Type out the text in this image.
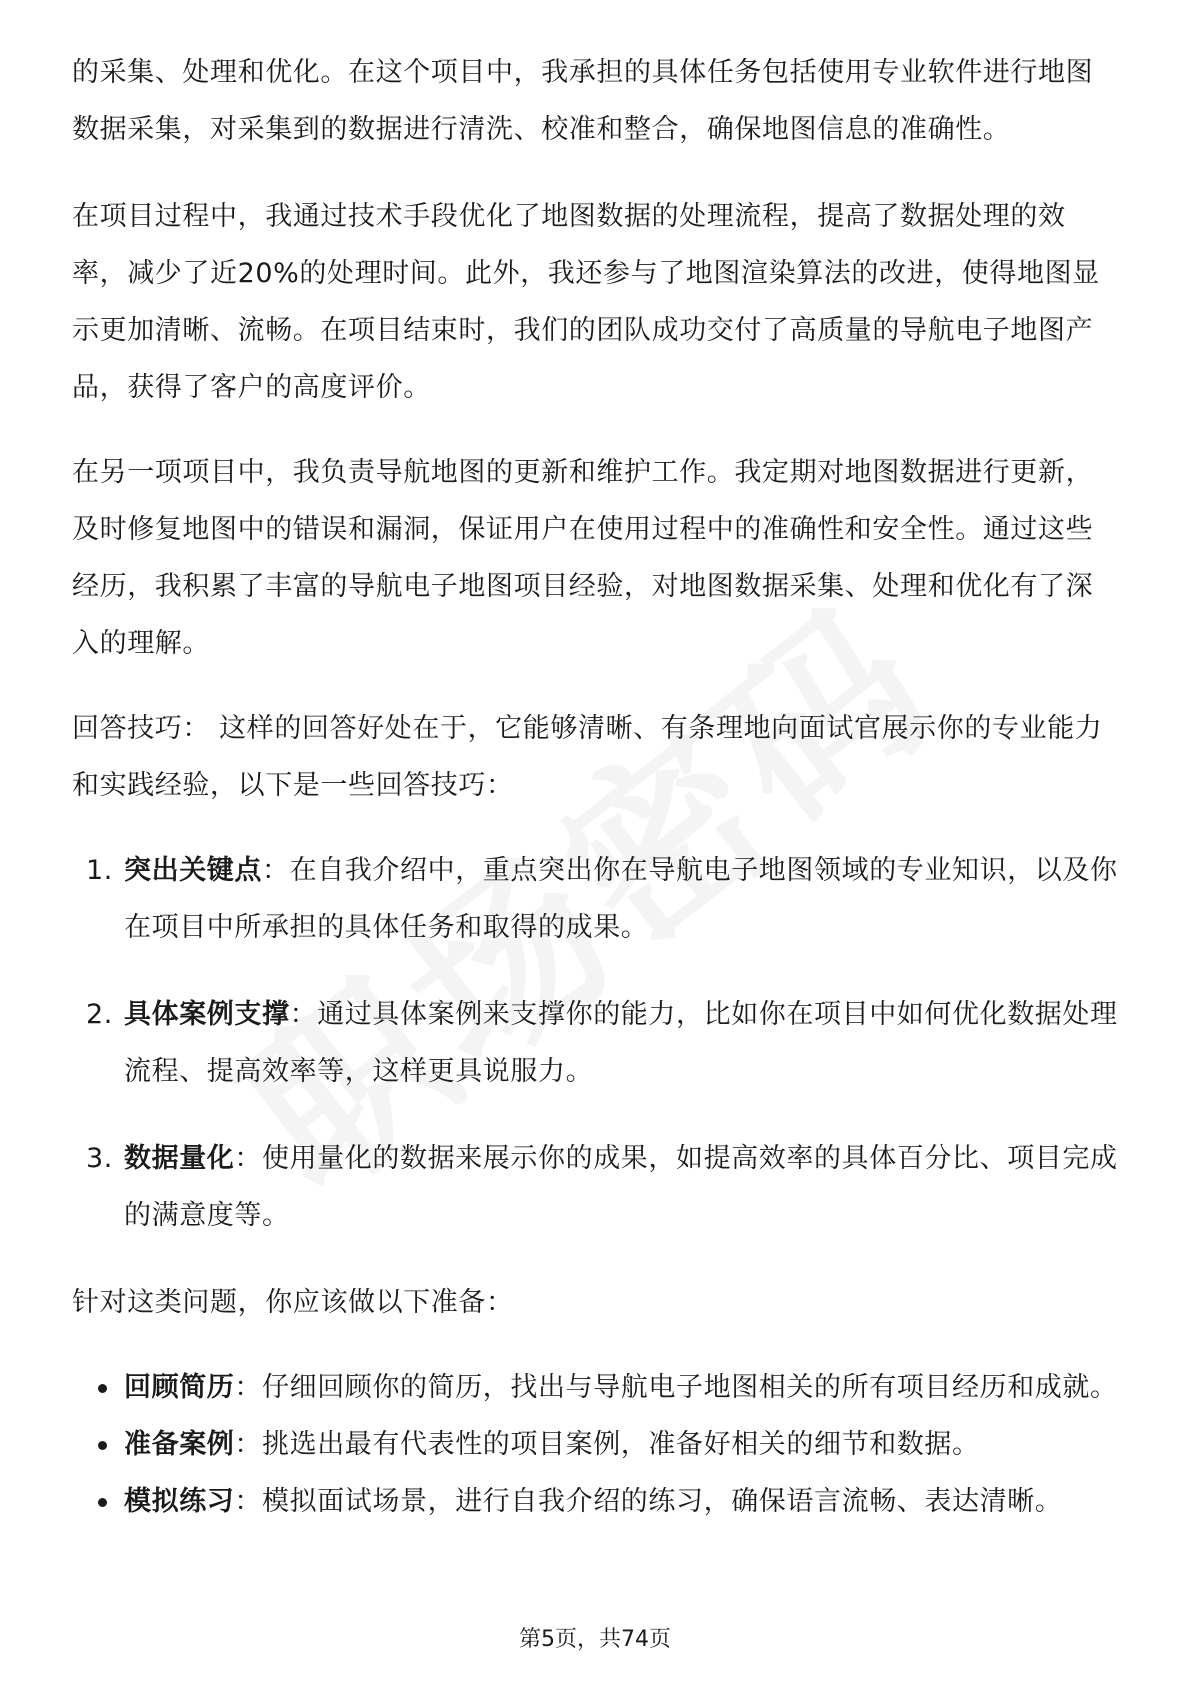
的采集、处理和优化。在这个项目中，我承担的具体任务包括使用专业软件进行地图数据采集，对采集到的数据进行清洗、校准和整合，确保地图信息的准确性。

在项目过程中，我通过技术手段优化了地图数据的处理流程，提高了数据处理的效率，减少了近20%的处理时间。此外，我还参与了地图渲染算法的改进，使得地图显示更加清晰、流畅。在项目结束时，我们的团队成功交付了高质量的导航电子地图产品，获得了客户的高度评价。

在另一项项目中，我负责导航地图的更新和维护工作。我定期对地图数据进行更新，及时修复地图中的错误和漏洞，保证用户在使用过程中的准确性和安全性。通过这些经历，我积累了丰富的导航电子地图项目经验，对地图数据采集、处理和优化有了深入的理解。

回答技巧： 这样的回答好处在于，它能够清晰、有条理地向面试官展示你的专业能力和实践经验，以下是一些回答技巧：

1. 突出关键点：在自我介绍中，重点突出你在导航电子地图领域的专业知识，以及你在项目中所承担的具体任务和取得的成果。
2. 具体案例支撑：通过具体案例来支撑你的能力，比如你在项目中如何优化数据处理流程、提高效率等，这样更具说服力。
3. 数据量化：使用量化的数据来展示你的成果，如提高效率的具体百分比、项目完成的满意度等。

针对这类问题，你应该做以下准备：

回顾简历：仔细回顾你的简历，找出与导航电子地图相关的所有项目经历和成就。
准备案例：挑选出最有代表性的项目案例，准备好相关的细节和数据。
模拟练习：模拟面试场景，进行自我介绍的练习，确保语言流畅、表达清晰。
第5页，共74页
